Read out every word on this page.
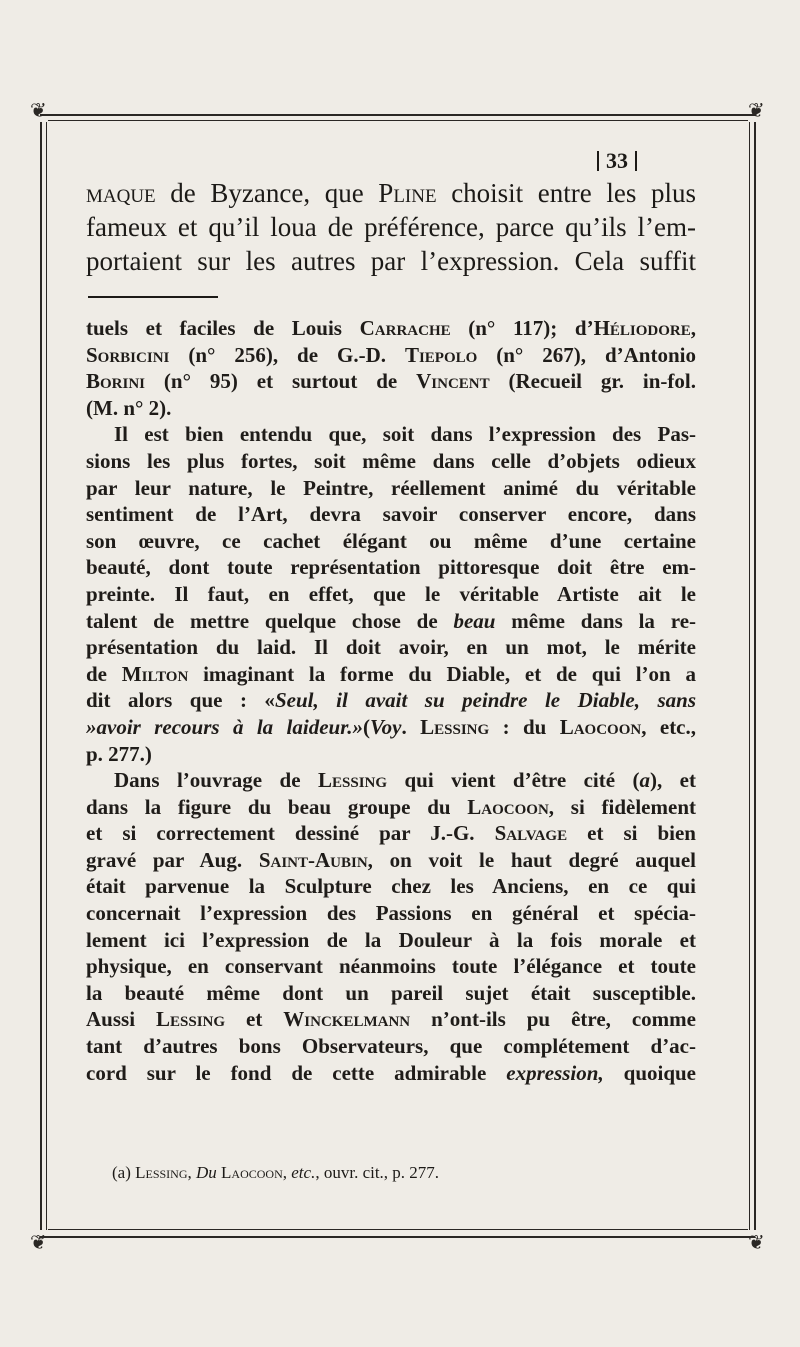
❦	❦
❦	❦
33
maque de Byzance, que Pline choisit entre les plus
fameux et qu’il loua de préférence, parce qu’ils l’em-
portaient sur les autres par l’expression. Cela suffit
tuels et faciles de Louis Carrache (n° 117); d’Héliodore,
Sorbicini (n° 256), de G.-D. Tiepolo (n° 267), d’Antonio
Borini (n° 95) et surtout de Vincent (Recueil gr. in-fol.
(M. n° 2).
Il est bien entendu que, soit dans l’expression des Pas-
sions les plus fortes, soit même dans celle d’objets odieux
par leur nature, le Peintre, réellement animé du véritable
sentiment de l’Art, devra savoir conserver encore, dans
son œuvre, ce cachet élégant ou même d’une certaine
beauté, dont toute représentation pittoresque doit être em-
preinte. Il faut, en effet, que le véritable Artiste ait le
talent de mettre quelque chose de beau même dans la re-
présentation du laid. Il doit avoir, en un mot, le mérite
de Milton imaginant la forme du Diable, et de qui l’on a
dit alors que : «Seul, il avait su peindre le Diable, sans
»avoir recours à la laideur.»(Voy. Lessing : du Laocoon, etc.,
p. 277.)
Dans l’ouvrage de Lessing qui vient d’être cité (a), et
dans la figure du beau groupe du Laocoon, si fidèlement
et si correctement dessiné par J.-G. Salvage et si bien
gravé par Aug. Saint-Aubin, on voit le haut degré auquel
était parvenue la Sculpture chez les Anciens, en ce qui
concernait l’expression des Passions en général et spécia-
lement ici l’expression de la Douleur à la fois morale et
physique, en conservant néanmoins toute l’élégance et toute
la beauté même dont un pareil sujet était susceptible.
Aussi Lessing et Winckelmann n’ont-ils pu être, comme
tant d’autres bons Observateurs, que complétement d’ac-
cord sur le fond de cette admirable expression, quoique
(a) Lessing, Du Laocoon, etc., ouvr. cit., p. 277.
